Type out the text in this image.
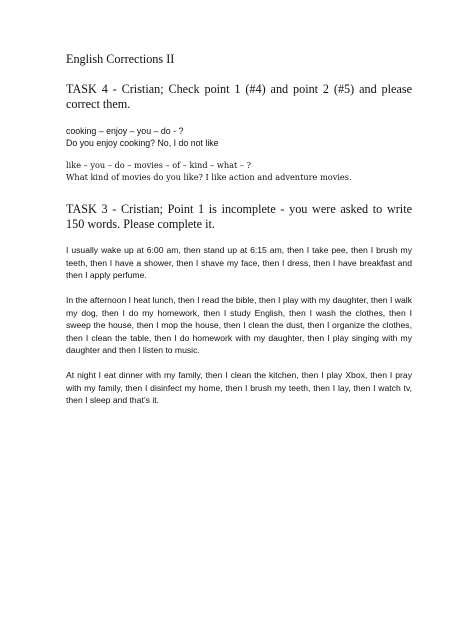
English Corrections II

TASK 4 - Cristian; Check point 1 (#4) and point 2 (#5) and please correct them.

cooking – enjoy – you – do - ?
Do you enjoy cooking? No, I do not like
like – you – do – movies – of – kind – what – ?
What kind of movies do you like? I like action and adventure movies.

TASK 3 - Cristian; Point 1 is incomplete - you were asked to write 150 words. Please complete it.

I usually wake up at 6:00 am, then stand up at 6:15 am, then I take pee, then I brush my teeth, then I have a shower, then I shave my face, then I dress, then I have breakfast and then I apply perfume.

In the afternoon I heat lunch, then I read the bible, then I play with my daughter, then I walk my dog, then I do my homework, then I study English, then I wash the clothes, then I sweep the house, then I mop the house, then I clean the dust, then I organize the clothes, then I clean the table, then I do homework with my daughter, then I play singing with my daughter and then I listen to music.

At night I eat dinner with my family, then I clean the kitchen, then I play Xbox, then I pray with my family, then I disinfect my home, then I brush my teeth, then I lay, then I watch tv, then I sleep and that’s it.
